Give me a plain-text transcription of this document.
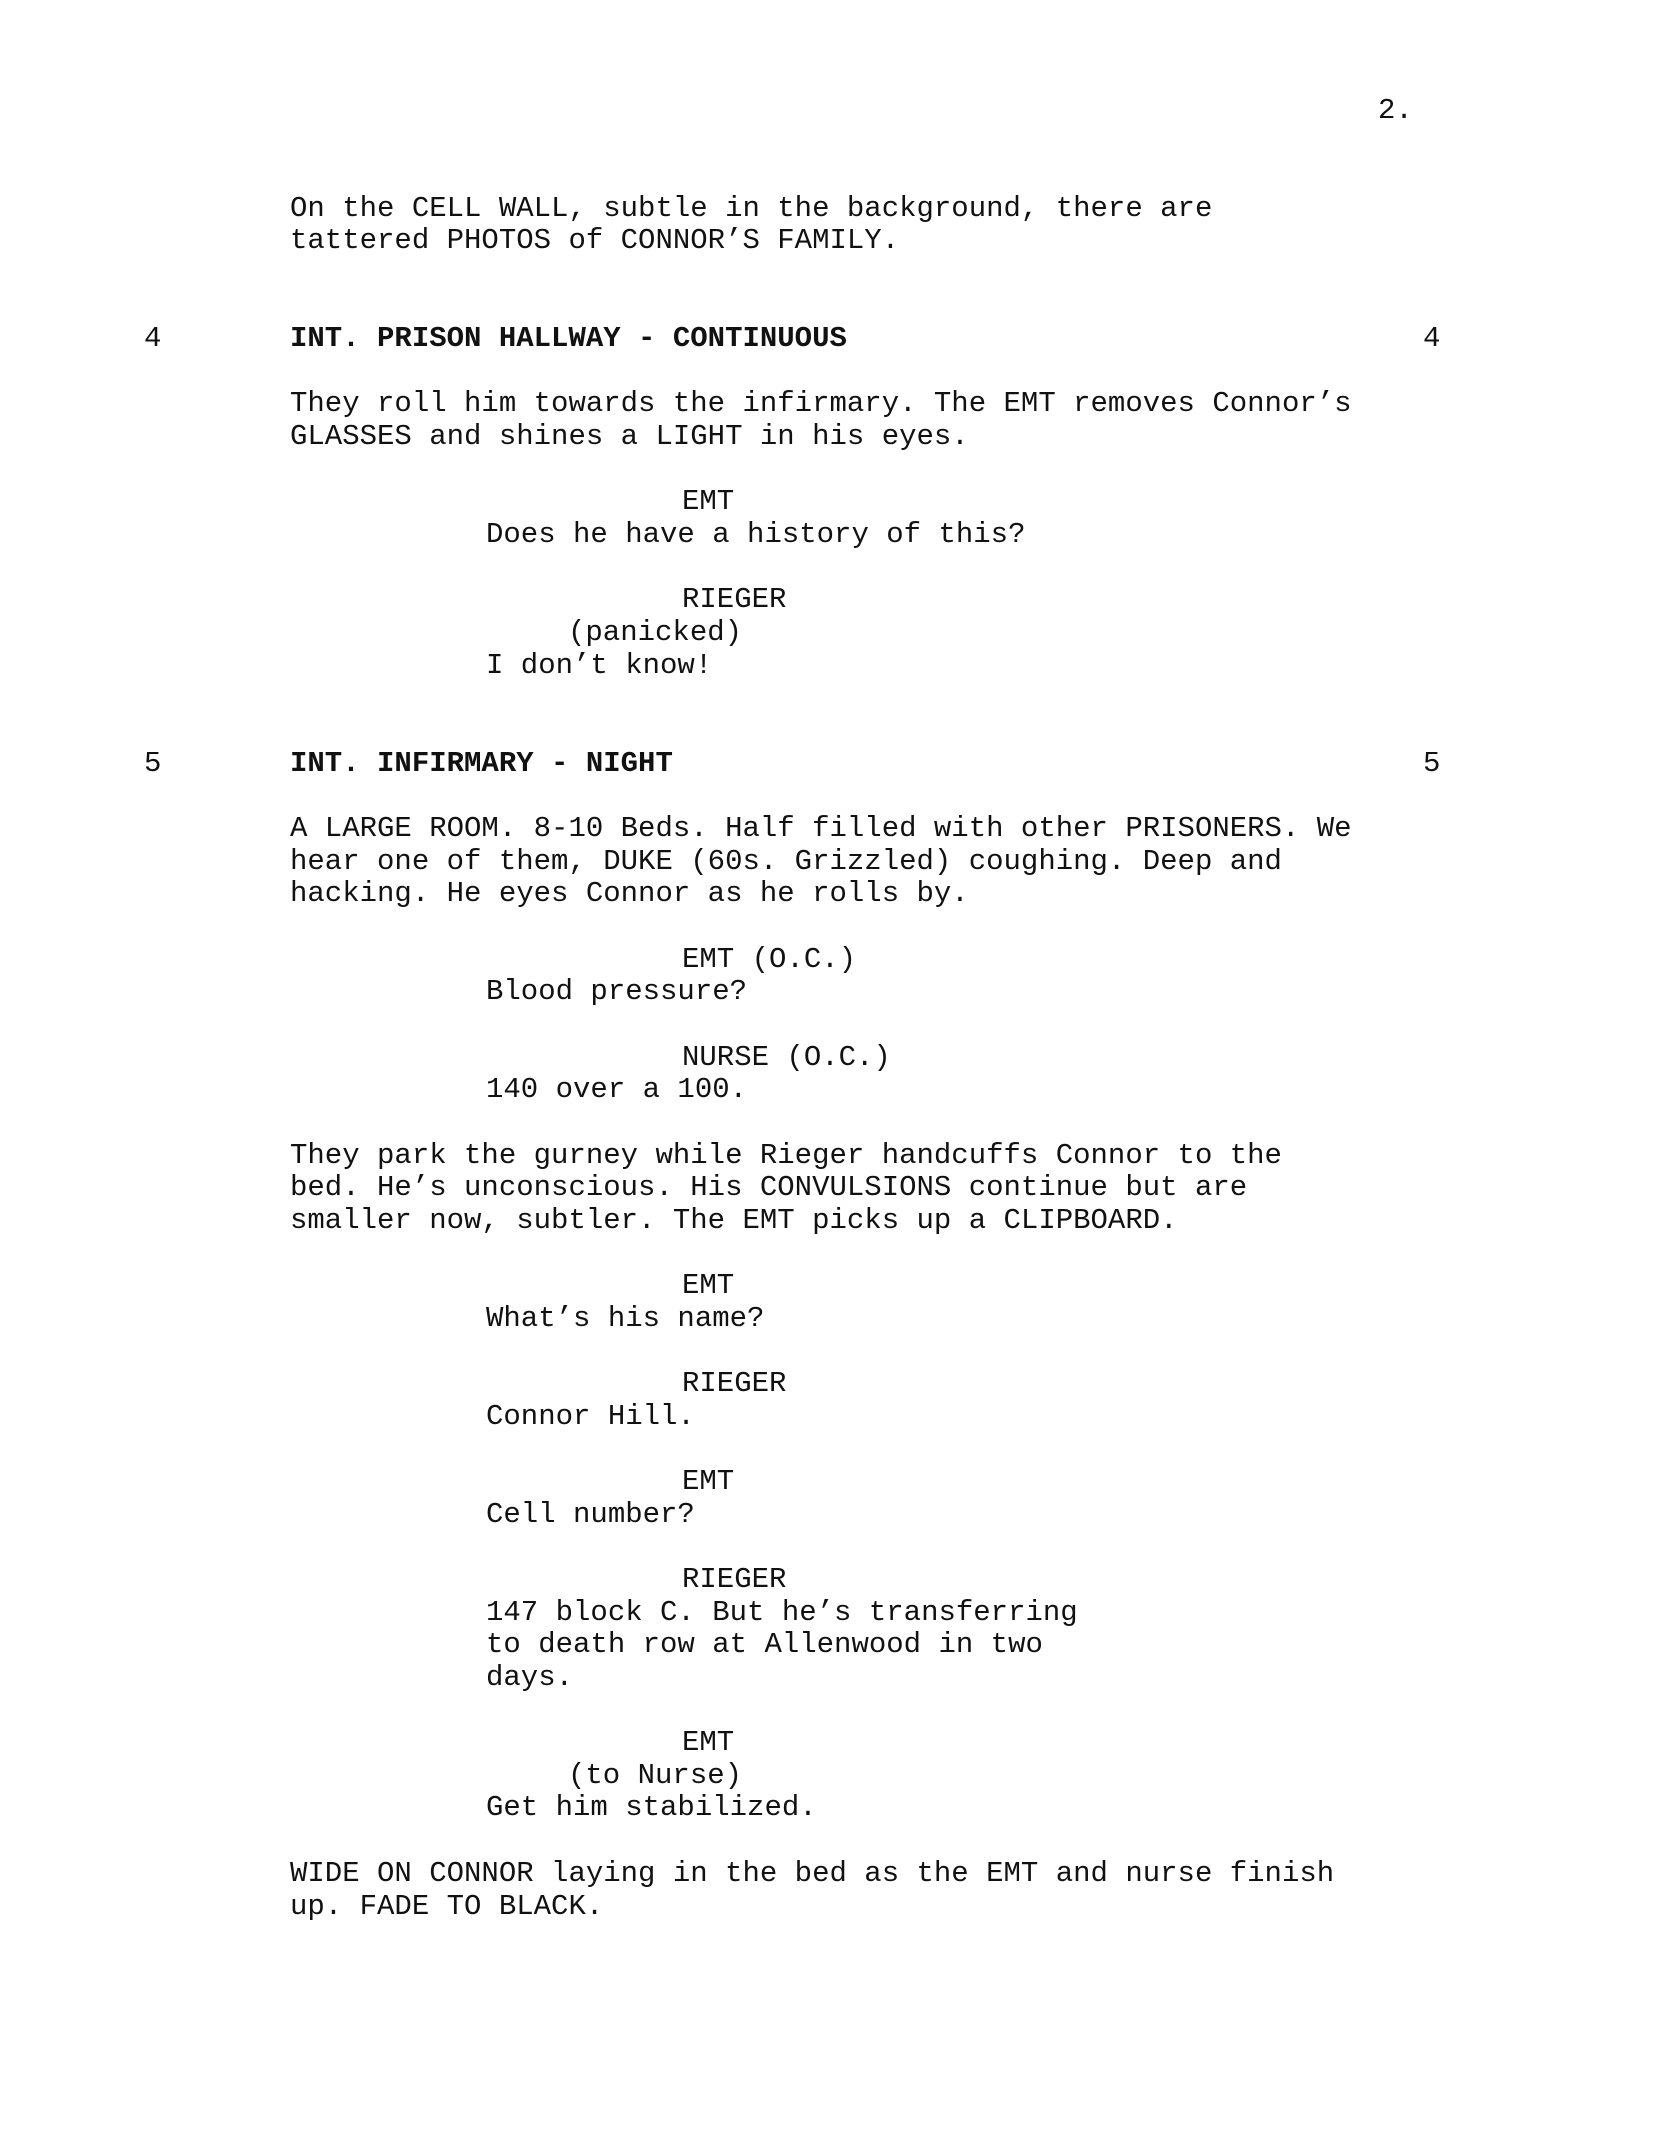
2.
On the CELL WALL, subtle in the background, there are
tattered PHOTOS of CONNOR’S FAMILY.
4	INT. PRISON HALLWAY - CONTINUOUS	4
They roll him towards the infirmary. The EMT removes Connor’s
GLASSES and shines a LIGHT in his eyes.
EMT
Does he have a history of this?
RIEGER
(panicked)
I don’t know!
5	INT. INFIRMARY - NIGHT	5
A LARGE ROOM. 8-10 Beds. Half filled with other PRISONERS. We
hear one of them, DUKE (60s. Grizzled) coughing. Deep and
hacking. He eyes Connor as he rolls by.
EMT (O.C.)
Blood pressure?
NURSE (O.C.)
140 over a 100.
They park the gurney while Rieger handcuffs Connor to the
bed. He’s unconscious. His CONVULSIONS continue but are
smaller now, subtler. The EMT picks up a CLIPBOARD.
EMT
What’s his name?
RIEGER
Connor Hill.
EMT
Cell number?
RIEGER
147 block C. But he’s transferring
to death row at Allenwood in two
days.
EMT
(to Nurse)
Get him stabilized.
WIDE ON CONNOR laying in the bed as the EMT and nurse finish
up. FADE TO BLACK.
